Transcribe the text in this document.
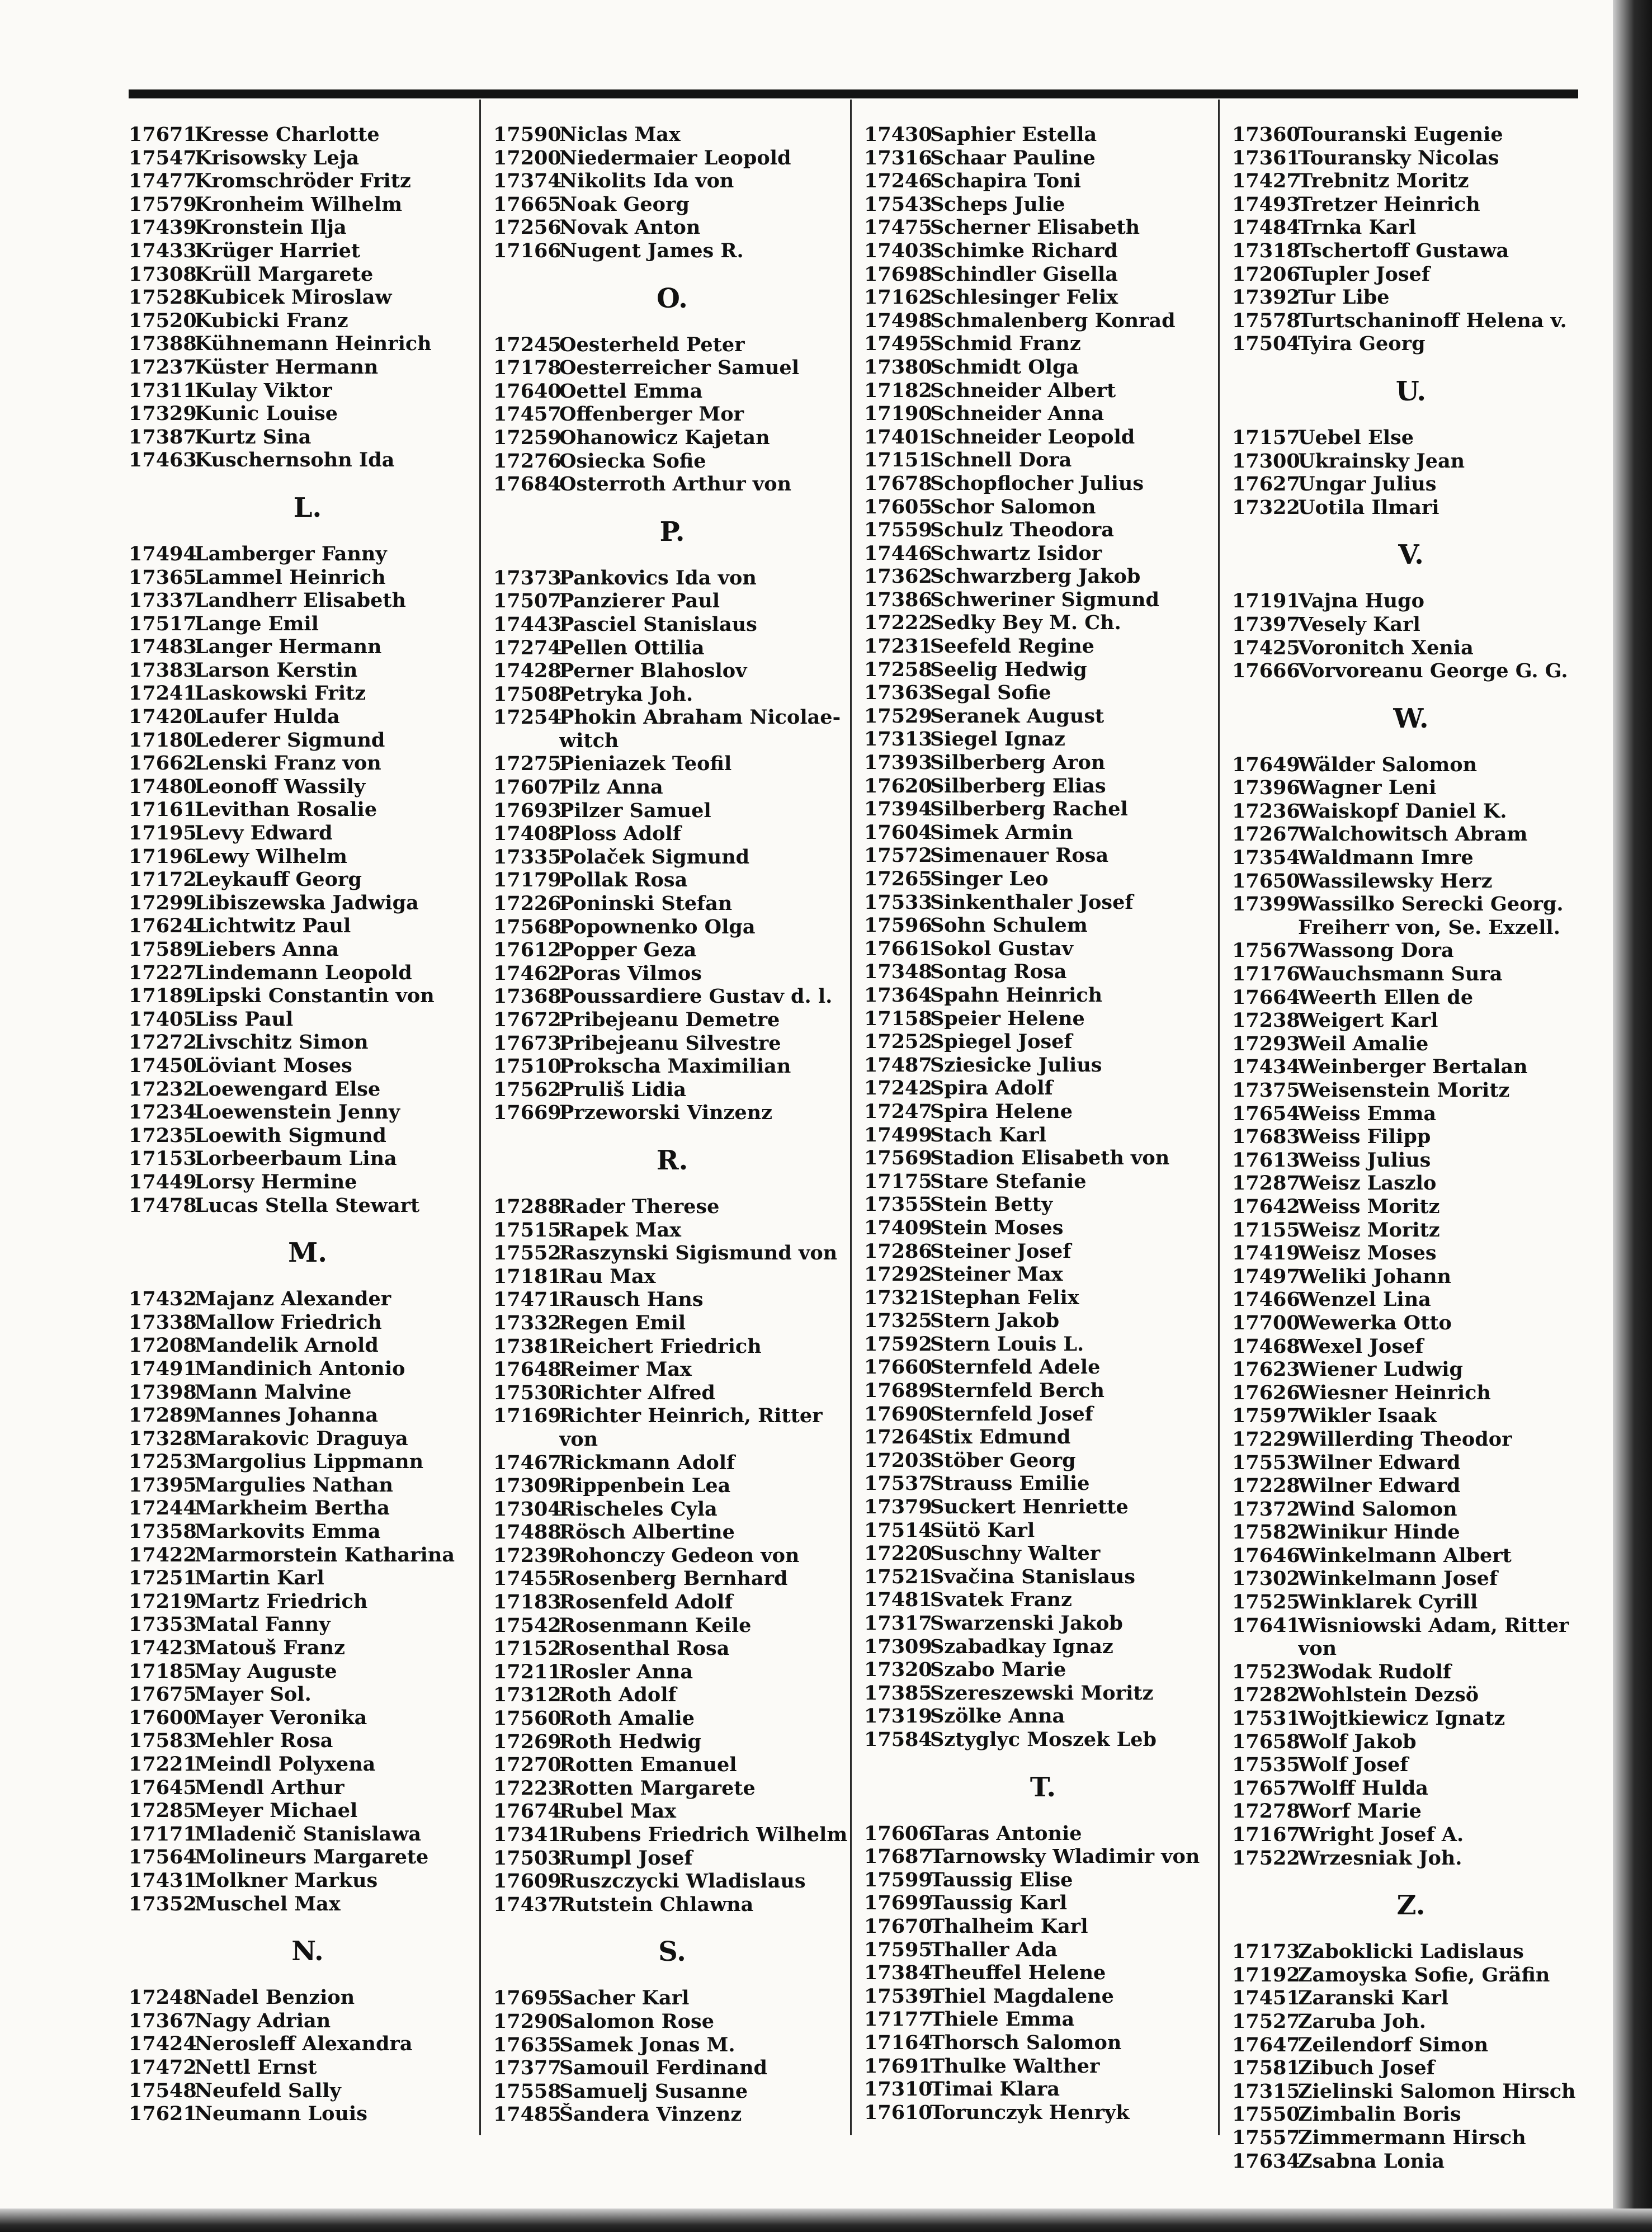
17671
Kresse Charlotte
17547
Krisowsky Leja
17477
Kromschröder Fritz
17579
Kronheim Wilhelm
17439
Kronstein Ilja
17433
Krüger Harriet
17308
Krüll Margarete
17528
Kubicek Miroslaw
17520
Kubicki Franz
17388
Kühnemann Heinrich
17237
Küster Hermann
17311
Kulay Viktor
17329
Kunic Louise
17387
Kurtz Sina
17463
Kuschernsohn Ida
L.
17494
Lamberger Fanny
17365
Lammel Heinrich
17337
Landherr Elisabeth
17517
Lange Emil
17483
Langer Hermann
17383
Larson Kerstin
17241
Laskowski Fritz
17420
Laufer Hulda
17180
Lederer Sigmund
17662
Lenski Franz von
17480
Leonoff Wassily
17161
Levithan Rosalie
17195
Levy Edward
17196
Lewy Wilhelm
17172
Leykauff Georg
17299
Libiszewska Jadwiga
17624
Lichtwitz Paul
17589
Liebers Anna
17227
Lindemann Leopold
17189
Lipski Constantin von
17405
Liss Paul
17272
Livschitz Simon
17450
Löviant Moses
17232
Loewengard Else
17234
Loewenstein Jenny
17235
Loewith Sigmund
17153
Lorbeerbaum Lina
17449
Lorsy Hermine
17478
Lucas Stella Stewart
M.
17432
Majanz Alexander
17338
Mallow Friedrich
17208
Mandelik Arnold
17491
Mandinich Antonio
17398
Mann Malvine
17289
Mannes Johanna
17328
Marakovic Draguya
17253
Margolius Lippmann
17395
Margulies Nathan
17244
Markheim Bertha
17358
Markovits Emma
17422
Marmorstein Katharina
17251
Martin Karl
17219
Martz Friedrich
17353
Matal Fanny
17423
Matouš Franz
17185
May Auguste
17675
Mayer Sol.
17600
Mayer Veronika
17583
Mehler Rosa
17221
Meindl Polyxena
17645
Mendl Arthur
17285
Meyer Michael
17171
Mladenič Stanislawa
17564
Molineurs Margarete
17431
Molkner Markus
17352
Muschel Max
N.
17248
Nadel Benzion
17367
Nagy Adrian
17424
Nerosleff Alexandra
17472
Nettl Ernst
17548
Neufeld Sally
17621
Neumann Louis
17590
Niclas Max
17200
Niedermaier Leopold
17374
Nikolits Ida von
17665
Noak Georg
17256
Novak Anton
17166
Nugent James R.
O.
17245
Oesterheld Peter
17178
Oesterreicher Samuel
17640
Oettel Emma
17457
Offenberger Mor
17259
Ohanowicz Kajetan
17276
Osiecka Sofie
17684
Osterroth Arthur von
P.
17373
Pankovics Ida von
17507
Panzierer Paul
17443
Pasciel Stanislaus
17274
Pellen Ottilia
17428
Perner Blahoslov
17508
Petryka Joh.
17254
Phokin Abraham Nicolae-
witch
17275
Pieniazek Teofil
17607
Pilz Anna
17693
Pilzer Samuel
17408
Ploss Adolf
17335
Polaček Sigmund
17179
Pollak Rosa
17226
Poninski Stefan
17568
Popownenko Olga
17612
Popper Geza
17462
Poras Vilmos
17368
Poussardiere Gustav d. l.
17672
Pribejeanu Demetre
17673
Pribejeanu Silvestre
17510
Prokscha Maximilian
17562
Pruliš Lidia
17669
Przeworski Vinzenz
R.
17288
Rader Therese
17515
Rapek Max
17552
Raszynski Sigismund von
17181
Rau Max
17471
Rausch Hans
17332
Regen Emil
17381
Reichert Friedrich
17648
Reimer Max
17530
Richter Alfred
17169
Richter Heinrich, Ritter
von
17467
Rickmann Adolf
17309
Rippenbein Lea
17304
Rischeles Cyla
17488
Rösch Albertine
17239
Rohonczy Gedeon von
17455
Rosenberg Bernhard
17183
Rosenfeld Adolf
17542
Rosenmann Keile
17152
Rosenthal Rosa
17211
Rosler Anna
17312
Roth Adolf
17560
Roth Amalie
17269
Roth Hedwig
17270
Rotten Emanuel
17223
Rotten Margarete
17674
Rubel Max
17341
Rubens Friedrich Wilhelm
17503
Rumpl Josef
17609
Ruszczycki Wladislaus
17437
Rutstein Chlawna
S.
17695
Sacher Karl
17290
Salomon Rose
17635
Samek Jonas M.
17377
Samouil Ferdinand
17558
Samuelj Susanne
17485
Šandera Vinzenz
17430
Saphier Estella
17316
Schaar Pauline
17246
Schapira Toni
17543
Scheps Julie
17475
Scherner Elisabeth
17403
Schimke Richard
17698
Schindler Gisella
17162
Schlesinger Felix
17498
Schmalenberg Konrad
17495
Schmid Franz
17380
Schmidt Olga
17182
Schneider Albert
17190
Schneider Anna
17401
Schneider Leopold
17151
Schnell Dora
17678
Schopflocher Julius
17605
Schor Salomon
17559
Schulz Theodora
17446
Schwartz Isidor
17362
Schwarzberg Jakob
17386
Schweriner Sigmund
17222
Sedky Bey M. Ch.
17231
Seefeld Regine
17258
Seelig Hedwig
17363
Segal Sofie
17529
Seranek August
17313
Siegel Ignaz
17393
Silberberg Aron
17620
Silberberg Elias
17394
Silberberg Rachel
17604
Simek Armin
17572
Simenauer Rosa
17265
Singer Leo
17533
Sinkenthaler Josef
17596
Sohn Schulem
17661
Sokol Gustav
17348
Sontag Rosa
17364
Spahn Heinrich
17158
Speier Helene
17252
Spiegel Josef
17487
Sziesicke Julius
17242
Spira Adolf
17247
Spira Helene
17499
Stach Karl
17569
Stadion Elisabeth von
17175
Stare Stefanie
17355
Stein Betty
17409
Stein Moses
17286
Steiner Josef
17292
Steiner Max
17321
Stephan Felix
17325
Stern Jakob
17592
Stern Louis L.
17660
Sternfeld Adele
17689
Sternfeld Berch
17690
Sternfeld Josef
17264
Stix Edmund
17203
Stöber Georg
17537
Strauss Emilie
17379
Suckert Henriette
17514
Sütö Karl
17220
Suschny Walter
17521
Svačina Stanislaus
17481
Svatek Franz
17317
Swarzenski Jakob
17309
Szabadkay Ignaz
17320
Szabo Marie
17385
Szereszewski Moritz
17319
Szölke Anna
17584
Sztyglyc Moszek Leb
T.
17606
Taras Antonie
17687
Tarnowsky Wladimir von
17599
Taussig Elise
17699
Taussig Karl
17670
Thalheim Karl
17595
Thaller Ada
17384
Theuffel Helene
17539
Thiel Magdalene
17177
Thiele Emma
17164
Thorsch Salomon
17691
Thulke Walther
17310
Timai Klara
17610
Torunczyk Henryk
17360
Touranski Eugenie
17361
Touransky Nicolas
17427
Trebnitz Moritz
17493
Tretzer Heinrich
17484
Trnka Karl
17318
Tschertoff Gustawa
17206
Tupler Josef
17392
Tur Libe
17578
Turtschaninoff Helena v.
17504
Tyira Georg
U.
17157
Uebel Else
17300
Ukrainsky Jean
17627
Ungar Julius
17322
Uotila Ilmari
V.
17191
Vajna Hugo
17397
Vesely Karl
17425
Voronitch Xenia
17666
Vorvoreanu George G. G.
W.
17649
Wälder Salomon
17396
Wagner Leni
17236
Waiskopf Daniel K.
17267
Walchowitsch Abram
17354
Waldmann Imre
17650
Wassilewsky Herz
17399
Wassilko Serecki Georg.
Freiherr von, Se. Exzell.
17567
Wassong Dora
17176
Wauchsmann Sura
17664
Weerth Ellen de
17238
Weigert Karl
17293
Weil Amalie
17434
Weinberger Bertalan
17375
Weisenstein Moritz
17654
Weiss Emma
17683
Weiss Filipp
17613
Weiss Julius
17287
Weisz Laszlo
17642
Weiss Moritz
17155
Weisz Moritz
17419
Weisz Moses
17497
Weliki Johann
17466
Wenzel Lina
17700
Wewerka Otto
17468
Wexel Josef
17623
Wiener Ludwig
17626
Wiesner Heinrich
17597
Wikler Isaak
17229
Willerding Theodor
17553
Wilner Edward
17228
Wilner Edward
17372
Wind Salomon
17582
Winikur Hinde
17646
Winkelmann Albert
17302
Winkelmann Josef
17525
Winklarek Cyrill
17641
Wisniowski Adam, Ritter
von
17523
Wodak Rudolf
17282
Wohlstein Dezsö
17531
Wojtkiewicz Ignatz
17658
Wolf Jakob
17535
Wolf Josef
17657
Wolff Hulda
17278
Worf Marie
17167
Wright Josef A.
17522
Wrzesniak Joh.
Z.
17173
Zaboklicki Ladislaus
17192
Zamoyska Sofie, Gräfin
17451
Zaranski Karl
17527
Zaruba Joh.
17647
Zeilendorf Simon
17581
Zibuch Josef
17315
Zielinski Salomon Hirsch
17550
Zimbalin Boris
17557
Zimmermann Hirsch
17634
Zsabna Lonia
